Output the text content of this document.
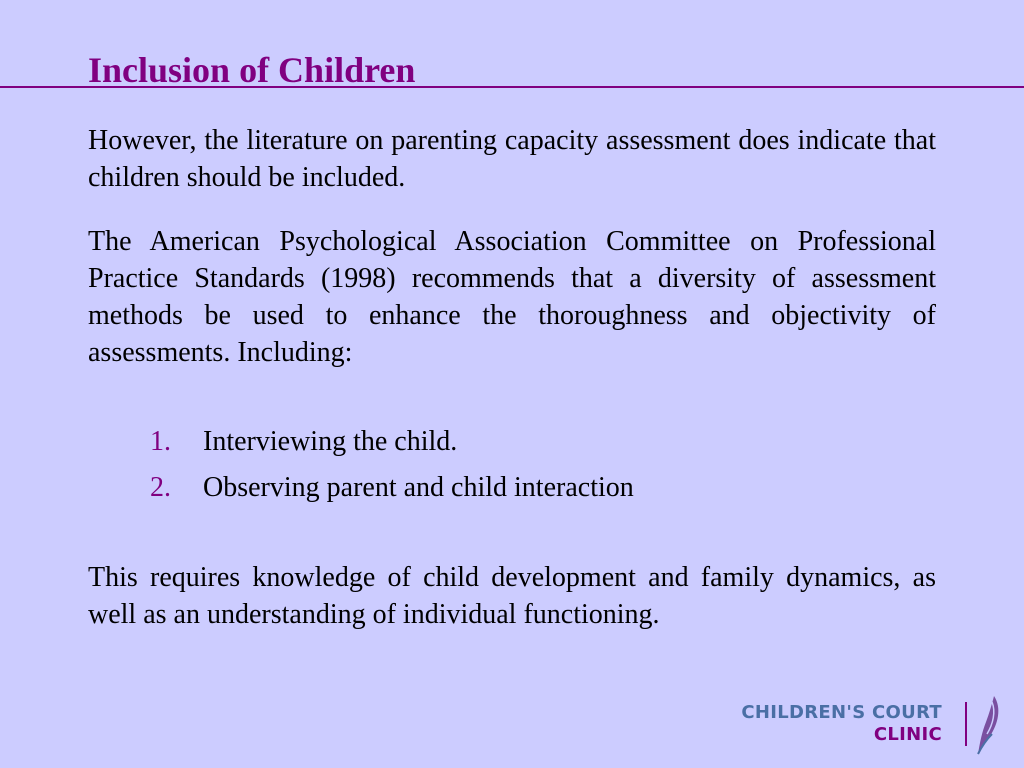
Inclusion of Children

However, the literature on parenting capacity assessment does indicate that children should be included.

The American Psychological Association Committee on Professional Practice Standards (1998) recommends that a diversity of assessment methods be used to enhance the thoroughness and objectivity of assessments. Including:

1.	Interviewing the child.
2.	Observing parent and child interaction

This requires knowledge of child development and family dynamics, as well as an understanding of individual functioning.

CHILDREN'S COURT
CLINIC
